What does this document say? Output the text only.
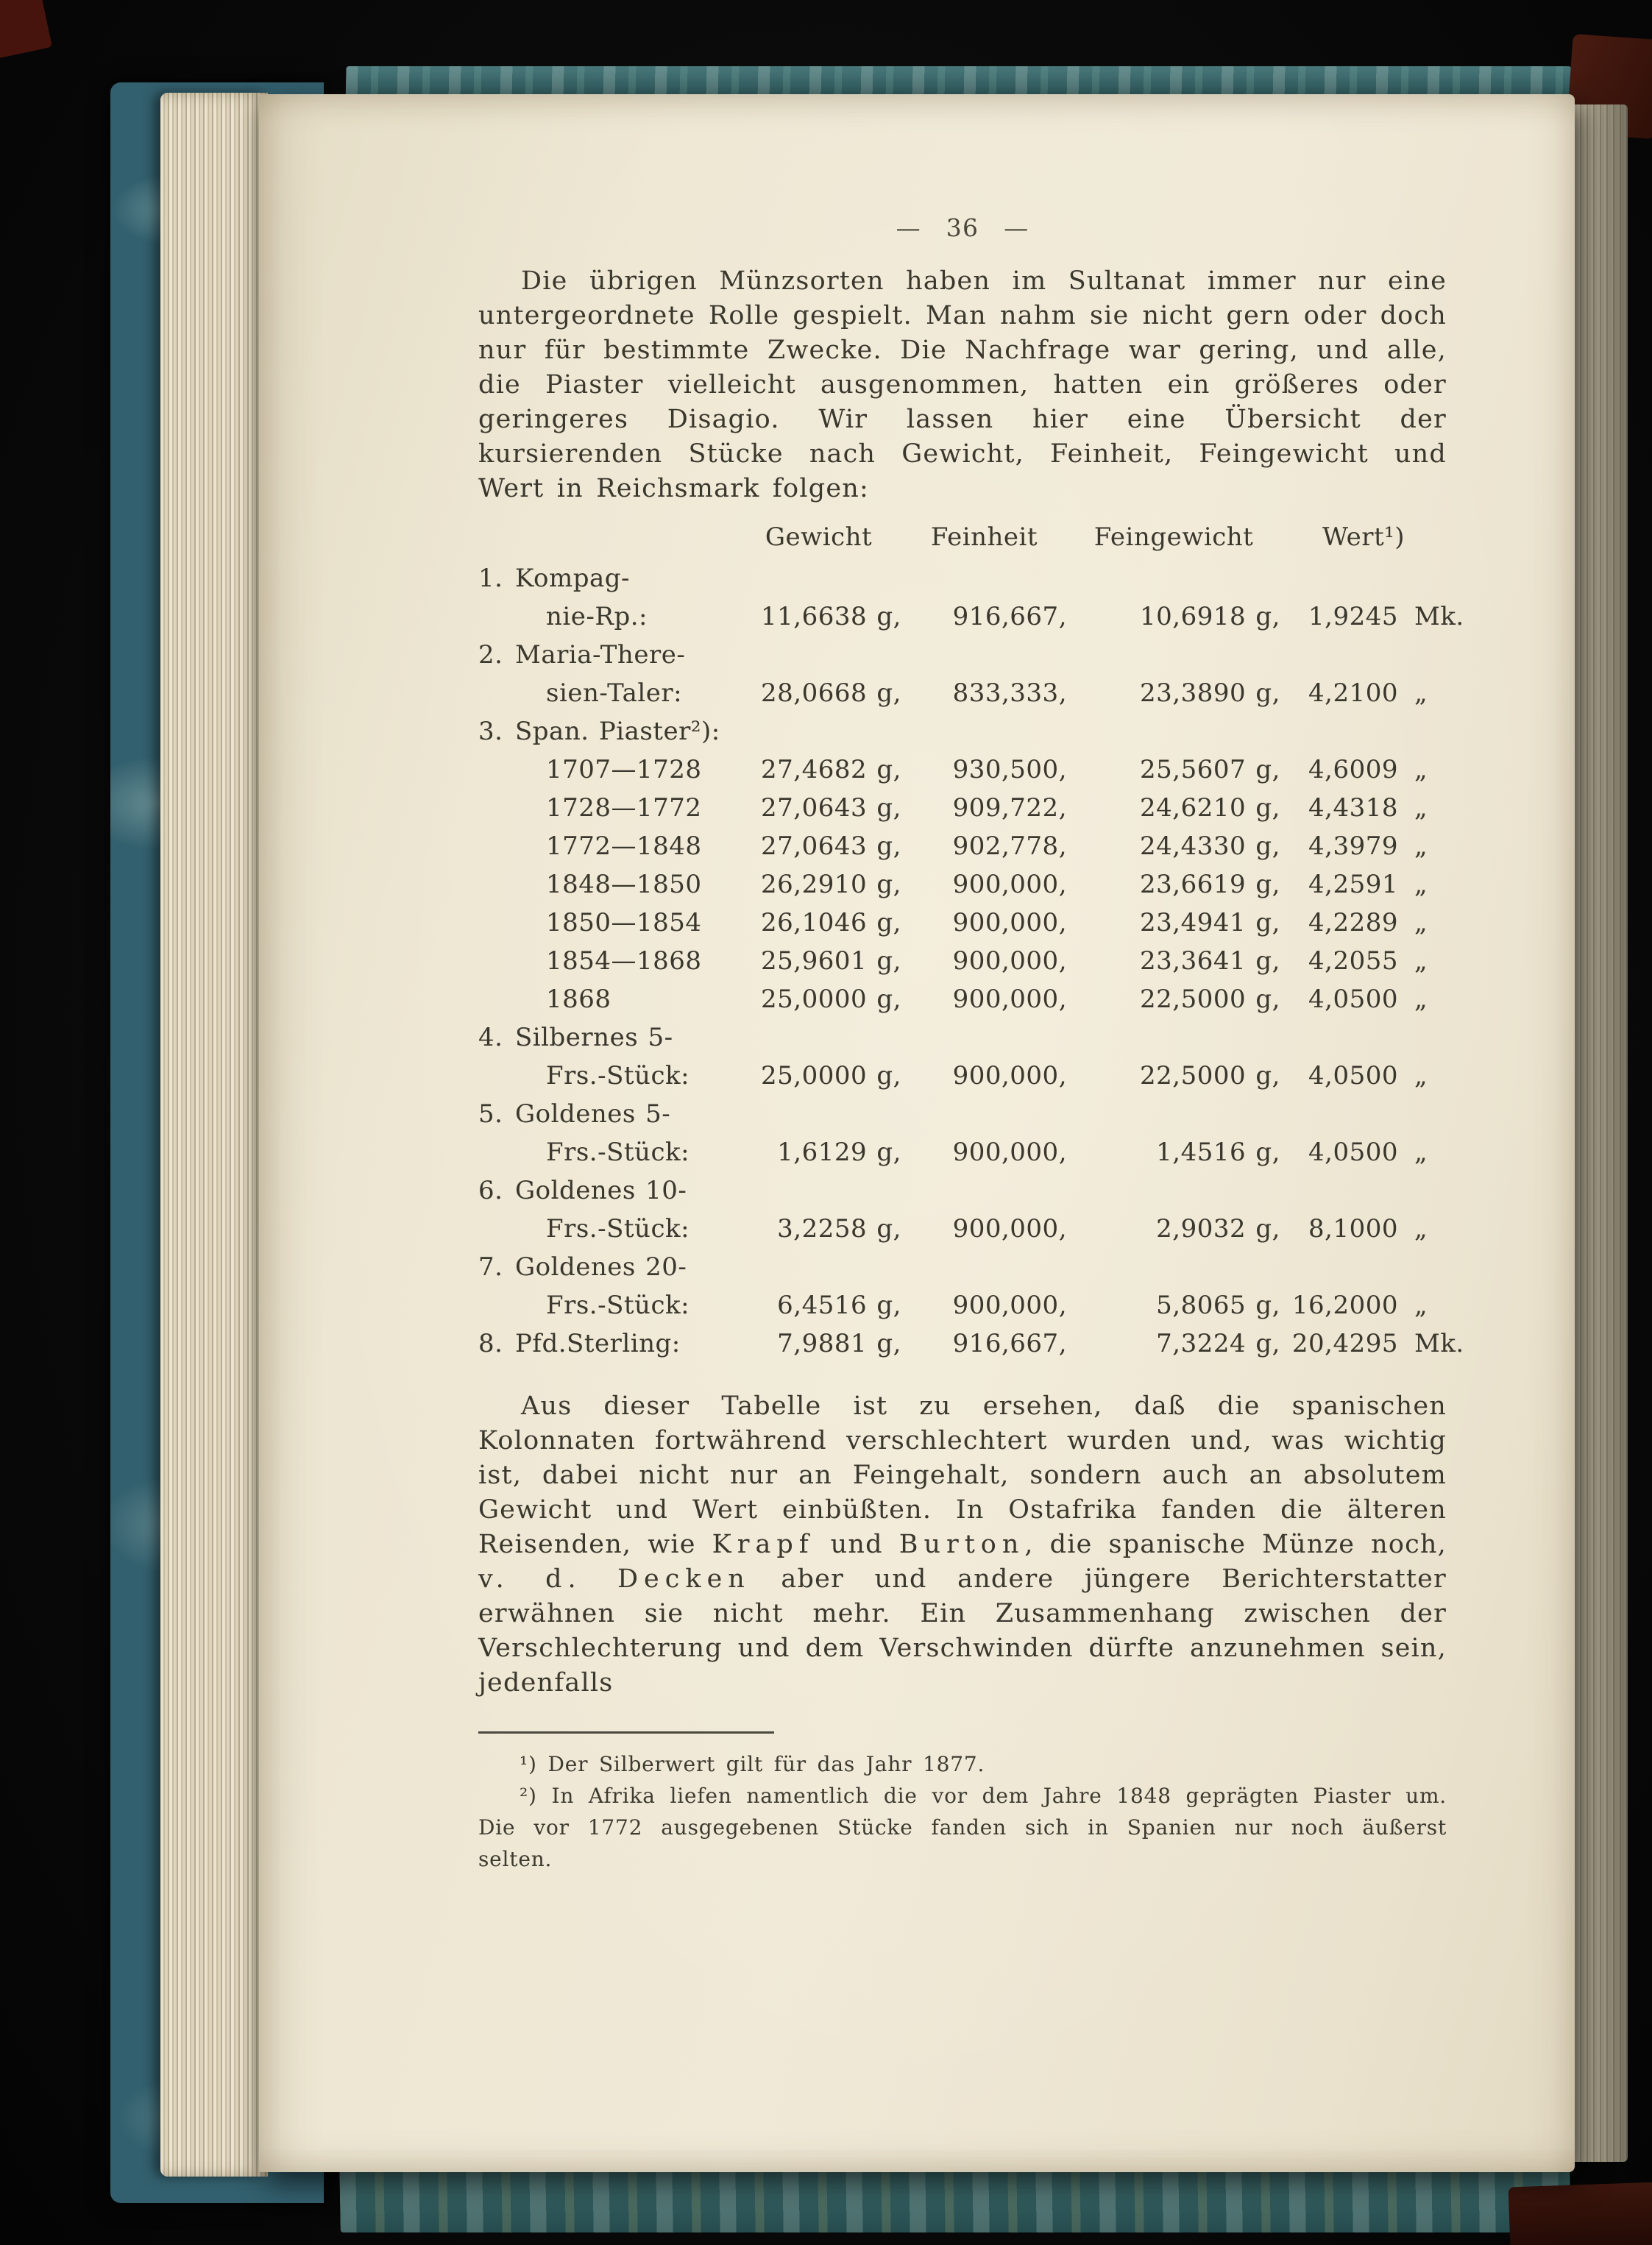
— 36 —
Die übrigen Münzsorten haben im Sultanat immer nur eine untergeordnete Rolle gespielt. Man nahm sie nicht gern oder doch nur für bestimmte Zwecke. Die Nachfrage war gering, und alle, die Piaster vielleicht ausgenommen, hatten ein größeres oder geringeres Disagio. Wir lassen hier eine Übersicht der kursierenden Stücke nach Gewicht, Feinheit, Feingewicht und Wert in Reichsmark folgen:
Gewicht	Feinheit	Feingewicht	Wert¹)
1. Kompag-
nie-Rp.:	11,6638 g,	916,667,	10,6918 g,	1,9245 Mk.
2. Maria-There-
sien-Taler:	28,0668 g,	833,333,	23,3890 g,	4,2100 „
3. Span. Piaster²):
1707—1728	27,4682 g,	930,500,	25,5607 g,	4,6009 „
1728—1772	27,0643 g,	909,722,	24,6210 g,	4,4318 „
1772—1848	27,0643 g,	902,778,	24,4330 g,	4,3979 „
1848—1850	26,2910 g,	900,000,	23,6619 g,	4,2591 „
1850—1854	26,1046 g,	900,000,	23,4941 g,	4,2289 „
1854—1868	25,9601 g,	900,000,	23,3641 g,	4,2055 „
1868	25,0000 g,	900,000,	22,5000 g,	4,0500 „
4. Silbernes 5-
Frs.-Stück:	25,0000 g,	900,000,	22,5000 g,	4,0500 „
5. Goldenes 5-
Frs.-Stück:	1,6129 g,	900,000,	1,4516 g,	4,0500 „
6. Goldenes 10-
Frs.-Stück:	3,2258 g,	900,000,	2,9032 g,	8,1000 „
7. Goldenes 20-
Frs.-Stück:	6,4516 g,	900,000,	5,8065 g, 16,2000 „
8. Pfd.Sterling:	7,9881 g,	916,667,	7,3224 g, 20,4295 Mk.
Aus dieser Tabelle ist zu ersehen, daß die spanischen Kolonnaten fortwährend verschlechtert wurden und, was wichtig ist, dabei nicht nur an Feingehalt, sondern auch an absolutem Gewicht und Wert einbüßten. In Ostafrika fanden die älteren Reisenden, wie Krapf und Burton, die spanische Münze noch, v. d. Decken aber und andere jüngere Berichterstatter erwähnen sie nicht mehr. Ein Zusammenhang zwischen der Verschlechterung und dem Verschwinden dürfte anzunehmen sein, jedenfalls
¹) Der Silberwert gilt für das Jahr 1877.
²) In Afrika liefen namentlich die vor dem Jahre 1848 geprägten Piaster um. Die vor 1772 ausgegebenen Stücke fanden sich in Spanien nur noch äußerst selten.
